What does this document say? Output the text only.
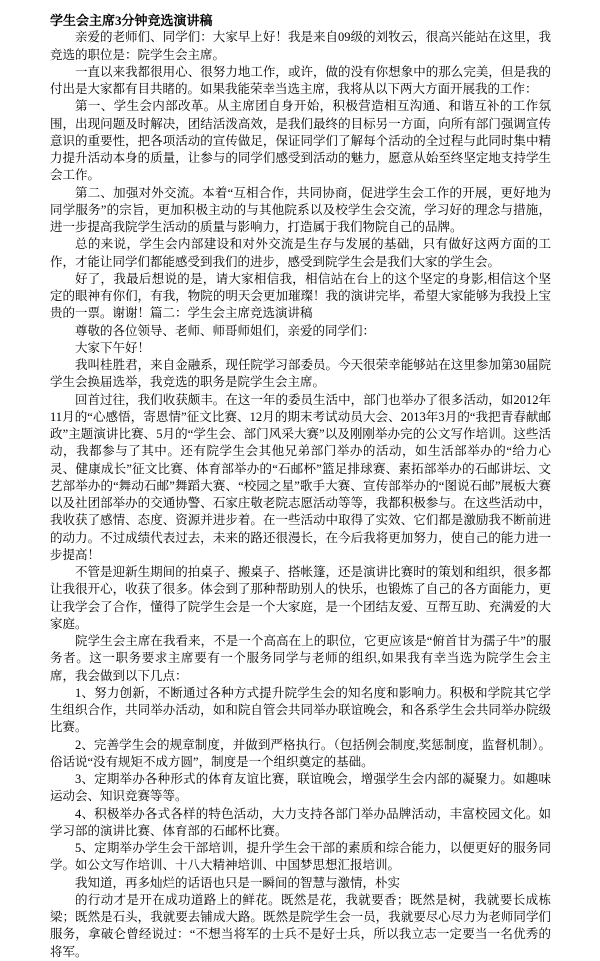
学生会主席3分钟竞选演讲稿

亲爱的老师们、同学们：大家早上好！我是来自09级的刘牧云，很高兴能站在这里，我竞选的职位是：院学生会主席。

一直以来我都很用心、很努力地工作，或许，做的没有你想象中的那么完美，但是我的付出是大家都有目共睹的。如果我能荣幸当选主席，我将从以下两大方面开展我的工作：

第一、学生会内部改革。从主席团自身开始，积极营造相互沟通、和谐互补的工作氛围，出现问题及时解决，团结活泼高效，是我们最终的目标另一方面，向所有部门强调宣传意识的重要性，把各项活动的宣传做足，保证同学们了解每个活动的全过程与此同时集中精力提升活动本身的质量，让参与的同学们感受到活动的魅力，愿意从始至终坚定地支持学生会工作。

第二、加强对外交流。本着“互相合作，共同协商，促进学生会工作的开展，更好地为同学服务”的宗旨，更加积极主动的与其他院系以及校学生会交流，学习好的理念与措施，进一步提高我院学生活动的质量与影响力，打造属于我们物院自己的品牌。

总的来说，学生会内部建设和对外交流是生存与发展的基础，只有做好这两方面的工作，才能让同学们都能感受到我们的进步，感受到院学生会是我们大家的学生会。

好了，我最后想说的是，请大家相信我，相信站在台上的这个坚定的身影,相信这个坚定的眼神有你们，有我，物院的明天会更加璀璨！我的演讲完毕，希望大家能够为我投上宝贵的一票。谢谢！篇二：学生会主席竞选演讲稿

尊敬的各位领导、老师、师哥师姐们，亲爱的同学们：

大家下午好！

我叫桂胜君，来自金融系，现任院学习部委员。今天很荣幸能够站在这里参加第30届院学生会换届选举，我竞选的职务是院学生会主席。

回首过往，我们收获颇丰。在这一年的委员生活中，部门也举办了很多活动，如2012年11月的“心感悟，寄恩情”征文比赛、12月的期末考试动员大会、2013年3月的“我把青春献邮政”主题演讲比赛、5月的“学生会、部门风采大赛”以及刚刚举办完的公文写作培训。这些活动，我都参与了其中。还有院学生会其他兄弟部门举办的活动，如生活部举办的“给力心灵、健康成长”征文比赛、体育部举办的“石邮杯”篮足排球赛、素拓部举办的石邮讲坛、文艺部举办的“舞动石邮”舞蹈大赛、“校园之星”歌手大赛、宣传部举办的“图说石邮”展板大赛以及社团部举办的交通协警、石家庄敬老院志愿活动等等，我都积极参与。在这些活动中，我收获了感情、态度、资源并进步着。在一些活动中取得了实效、它们都是激励我不断前进的动力。不过成绩代表过去，未来的路还很漫长，在今后我将更加努力，使自己的能力进一步提高！

不管是迎新生期间的拍桌子、搬桌子、搭帐篷，还是演讲比赛时的策划和组织，很多都让我很开心，收获了很多。体会到了那种帮助别人的快乐，也锻炼了自己的各方面能力，更让我学会了合作，懂得了院学生会是一个大家庭，是一个团结友爱、互帮互助、充满爱的大家庭。

院学生会主席在我看来，不是一个高高在上的职位，它更应该是“俯首甘为孺子牛”的服务者。这一职务要求主席要有一个服务同学与老师的组织,如果我有幸当选为院学生会主席，我会做到以下几点：

1、努力创新，不断通过各种方式提升院学生会的知名度和影响力。积极和学院其它学生组织合作，共同举办活动，如和院自管会共同举办联谊晚会，和各系学生会共同举办院级比赛。

2、完善学生会的规章制度，并做到严格执行。（包括例会制度,奖惩制度，监督机制）。俗话说“没有规矩不成方圆”，制度是一个组织奠定的基础。

3、定期举办各种形式的体育友谊比赛，联谊晚会，增强学生会内部的凝聚力。如趣味运动会、知识竞赛等等。

4、积极举办各式各样的特色活动，大力支持各部门举办品牌活动，丰富校园文化。如学习部的演讲比赛、体育部的石邮杯比赛。

5、定期举办学生会干部培训，提升学生会干部的素质和综合能力，以便更好的服务同学。如公文写作培训、十八大精神培训、中国梦思想汇报培训。

我知道，再多灿烂的话语也只是一瞬间的智慧与激情，朴实

的行动才是开在成功道路上的鲜花。既然是花，我就要香；既然是树，我就要长成栋梁；既然是石头，我就要去铺成大路。既然是院学生会一员，我就要尽心尽力为老师同学们服务，拿破仑曾经说过：“不想当将军的士兵不是好士兵，所以我立志一定要当一名优秀的将军。
